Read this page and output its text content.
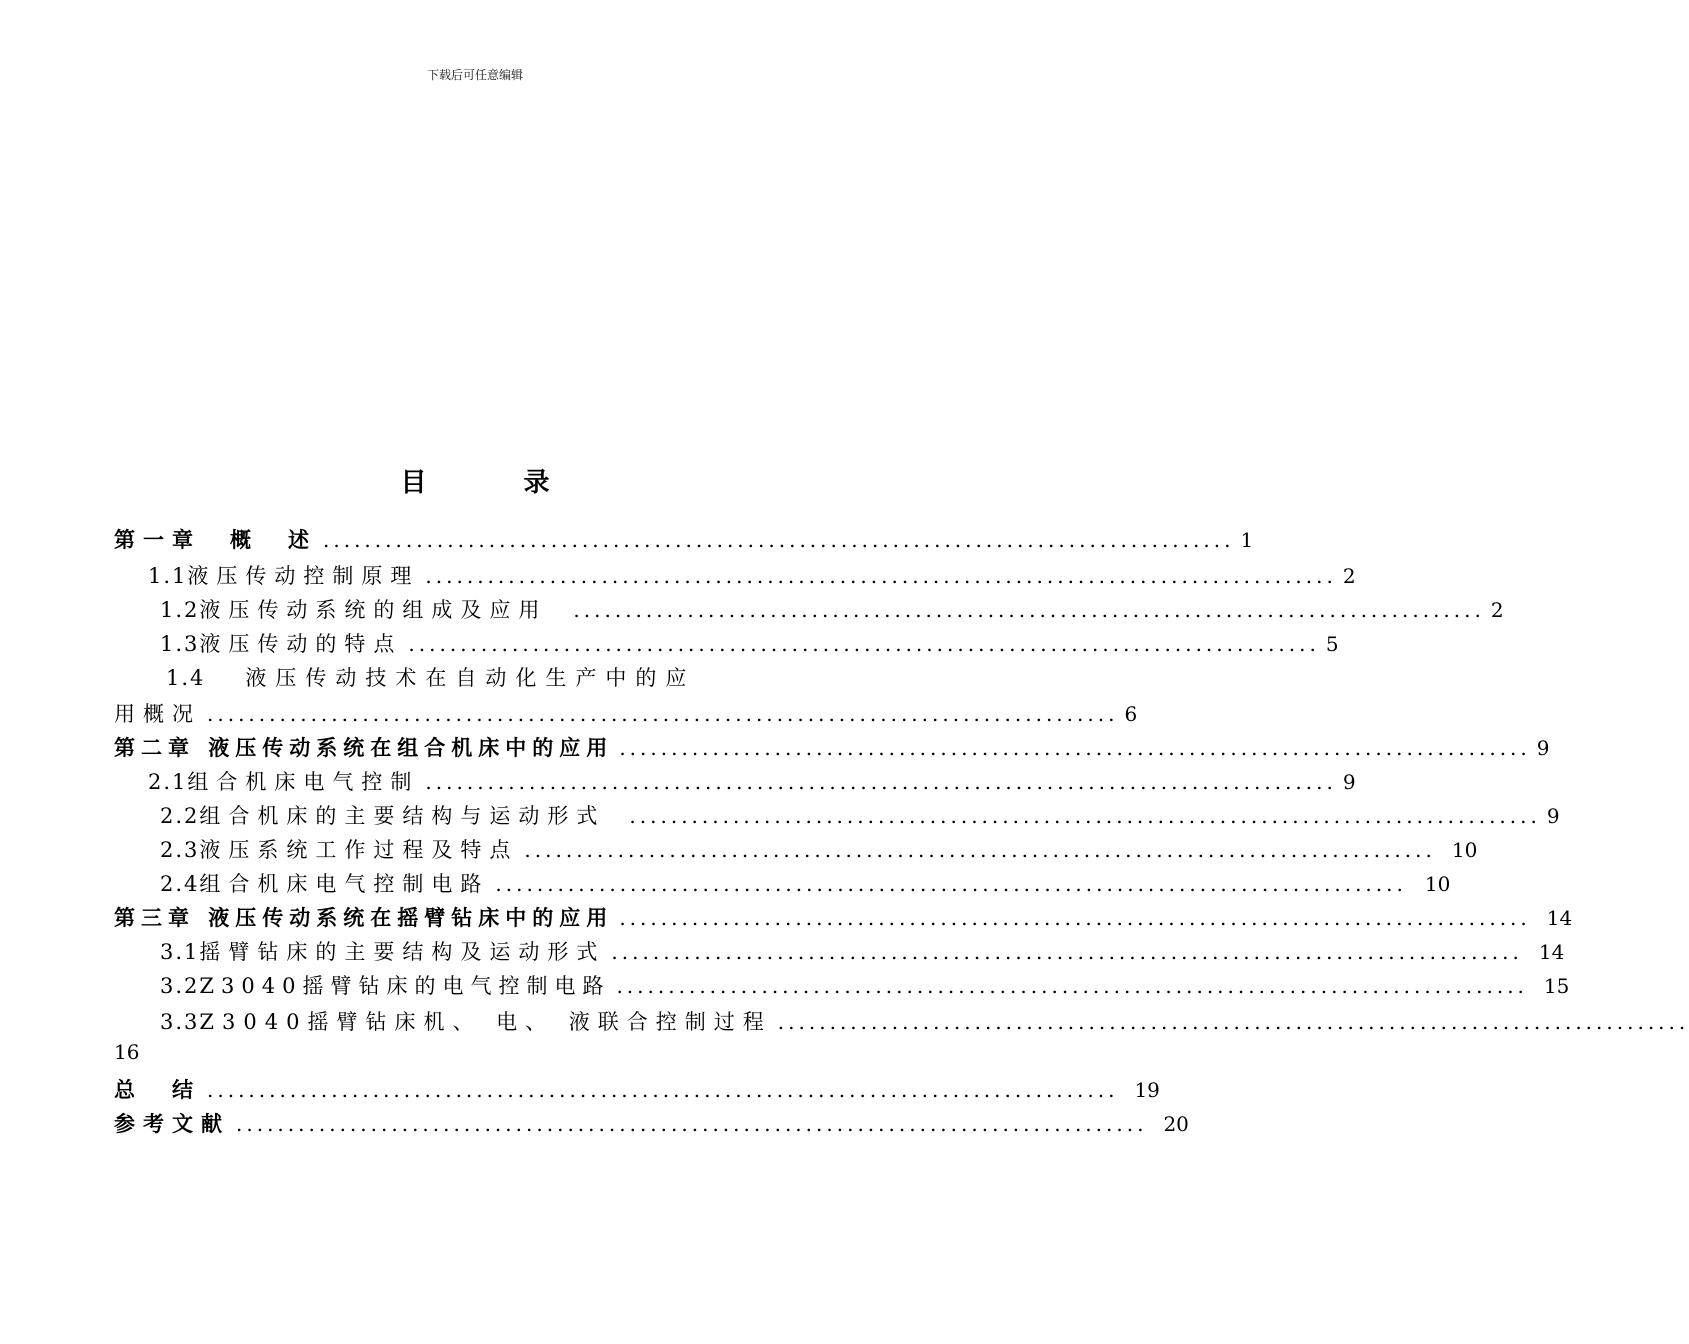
下载后可任意编辑
目 录
第一章　概　述 ........................................................................................ 1
1.1 液压传动控制原理 ........................................................................................ 2
1.2 液压传动系统的组成及应用 ........................................................................................ 2
1.3 液压传动的特点 ........................................................................................ 5
1.4 液压传动技术在自动化生产中的应
用概况 ........................................................................................ 6
第二章 液压传动系统在组合机床中的应用 ........................................................................................ 9
2.1 组合机床电气控制 ........................................................................................ 9
2.2 组合机床的主要结构与运动形式 ........................................................................................ 9
2.3 液压系统工作过程及特点 ........................................................................................ 10
2.4 组合机床电气控制电路 ........................................................................................ 10
第三章 液压传动系统在摇臂钻床中的应用 ........................................................................................ 14
3.1 摇臂钻床的主要结构及运动形式 ........................................................................................ 14
3.2 Z3040摇臂钻床的电气控制电路 ........................................................................................ 15
3.3 Z3040摇臂钻床机、 电、 液联合控制过程 ........................................................................................
16
总　结 ........................................................................................ 19
参考文献 ........................................................................................ 20
